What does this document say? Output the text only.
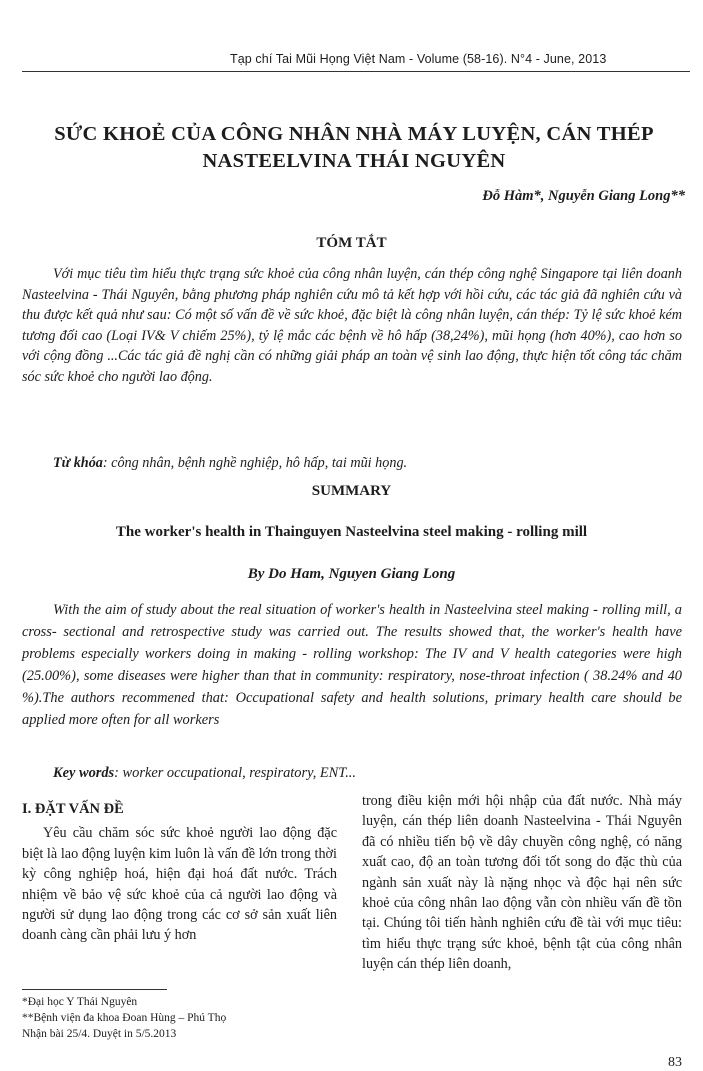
Tạp chí Tai Mũi Họng Việt Nam - Volume (58-16). N°4 - June, 2013
SỨC KHOẺ CỦA CÔNG NHÂN NHÀ MÁY LUYỆN, CÁN THÉP
NASTEELVINA THÁI NGUYÊN
Đỗ Hàm*, Nguyễn Giang Long**
TÓM TẮT

Với mục tiêu tìm hiểu thực trạng sức khoẻ của công nhân luyện, cán thép công nghệ Singapore tại liên doanh Nasteelvina - Thái Nguyên, bằng phương pháp nghiên cứu mô tả kết hợp với hồi cứu, các tác giả đã nghiên cứu và thu được kết quả như sau: Có một số vấn đề về sức khoẻ, đặc biệt là công nhân luyện, cán thép: Tỷ lệ sức khoẻ kém tương đối cao (Loại IV& V chiếm 25%), tỷ lệ mắc các bệnh về hô hấp (38,24%), mũi họng (hơn 40%), cao hơn so với cộng đồng ...Các tác giả đề nghị cần có những giải pháp an toàn vệ sinh lao động, thực hiện tốt công tác chăm sóc sức khoẻ cho người lao động.

Từ khóa: công nhân, bệnh nghề nghiệp, hô hấp, tai mũi họng.
SUMMARY
The worker's health in Thainguyen Nasteelvina steel making - rolling mill
By Do Ham, Nguyen Giang Long

With the aim of study about the real situation of worker's health in Nasteelvina steel making - rolling mill, a cross- sectional and retrospective study was carried out. The results showed that, the worker's health have problems especially workers doing in making - rolling workshop: The IV and V health categories were high (25.00%), some diseases were higher than that in community: respiratory, nose-throat infection ( 38.24% and 40 %).The authors recommened that: Occupational safety and health solutions, primary health care should be applied more often for all workers

Key words: worker occupational, respiratory, ENT...
I. ĐẶT VẤN ĐỀ

Yêu cầu chăm sóc sức khoẻ người lao động đặc biệt là lao động luyện kim luôn là vấn đề lớn trong thời kỳ công nghiệp hoá, hiện đại hoá đất nước. Trách nhiệm về bảo vệ sức khoẻ của cả người lao động và người sử dụng lao động trong các cơ sở sản xuất liên doanh càng cần phải lưu ý hơn

trong điều kiện mới hội nhập của đất nước. Nhà máy luyện, cán thép liên doanh Nasteelvina - Thái Nguyên đã có nhiều tiến bộ về dây chuyền công nghệ, có năng xuất cao, độ an toàn tương đối tốt song do đặc thù của ngành sản xuất này là nặng nhọc và độc hại nên sức khoẻ của công nhân lao động vẫn còn nhiều vấn đề tồn tại. Chúng tôi tiến hành nghiên cứu đề tài với mục tiêu: tìm hiểu thực trạng sức khoẻ, bệnh tật của công nhân luyện cán thép liên doanh,

*Đại học Y Thái Nguyên
**Bệnh viện đa khoa Đoan Hùng – Phú Thọ
Nhận bài 25/4. Duyệt in 5/5.2013
83
